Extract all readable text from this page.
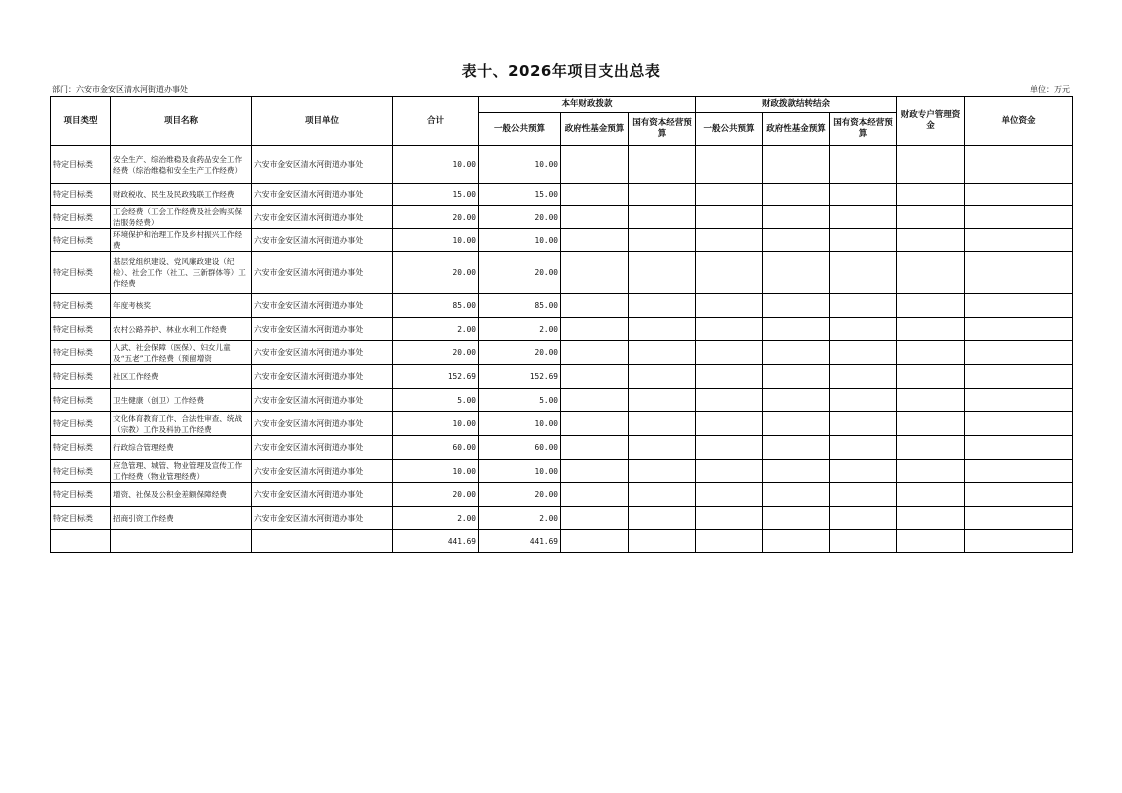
表十、2026年项目支出总表
部门：六安市金安区清水河街道办事处	单位：万元
项目类型	项目名称	项目单位	合计	本年财政拨款			财政拨款结转结余			财政专户管理资金	单位资金
				一般公共预算	政府性基金预算	国有资本经营预算	一般公共预算	政府性基金预算	国有资本经营预算		
特定目标类	安全生产、综治维稳及食药品安全工作经费（综治维稳和安全生产工作经费）	六安市金安区清水河街道办事处	10.00	10.00							
特定目标类	财政税收、民生及民政残联工作经费	六安市金安区清水河街道办事处	15.00	15.00							
特定目标类	工会经费（工会工作经费及社会购买保洁服务经费）	六安市金安区清水河街道办事处	20.00	20.00							
特定目标类	环境保护和治理工作及乡村振兴工作经费	六安市金安区清水河街道办事处	10.00	10.00							
特定目标类	基层党组织建设、党风廉政建设（纪检）、社会工作（社工、三新群体等）工作经费	六安市金安区清水河街道办事处	20.00	20.00							
特定目标类	年度考核奖	六安市金安区清水河街道办事处	85.00	85.00							
特定目标类	农村公路养护、林业水利工作经费	六安市金安区清水河街道办事处	2.00	2.00							
特定目标类	人武、社会保障（医保）、妇女儿童及“五老”工作经费（预留增资	六安市金安区清水河街道办事处	20.00	20.00							
特定目标类	社区工作经费	六安市金安区清水河街道办事处	152.69	152.69							
特定目标类	卫生健康（创卫）工作经费	六安市金安区清水河街道办事处	5.00	5.00							
特定目标类	文化体育教育工作、合法性审查、统战（宗教）工作及科协工作经费	六安市金安区清水河街道办事处	10.00	10.00							
特定目标类	行政综合管理经费	六安市金安区清水河街道办事处	60.00	60.00							
特定目标类	应急管理、城管、物业管理及宣传工作工作经费（物业管理经费）	六安市金安区清水河街道办事处	10.00	10.00							
特定目标类	增资、社保及公积金差额保障经费	六安市金安区清水河街道办事处	20.00	20.00							
特定目标类	招商引资工作经费	六安市金安区清水河街道办事处	2.00	2.00							
			441.69	441.69							
